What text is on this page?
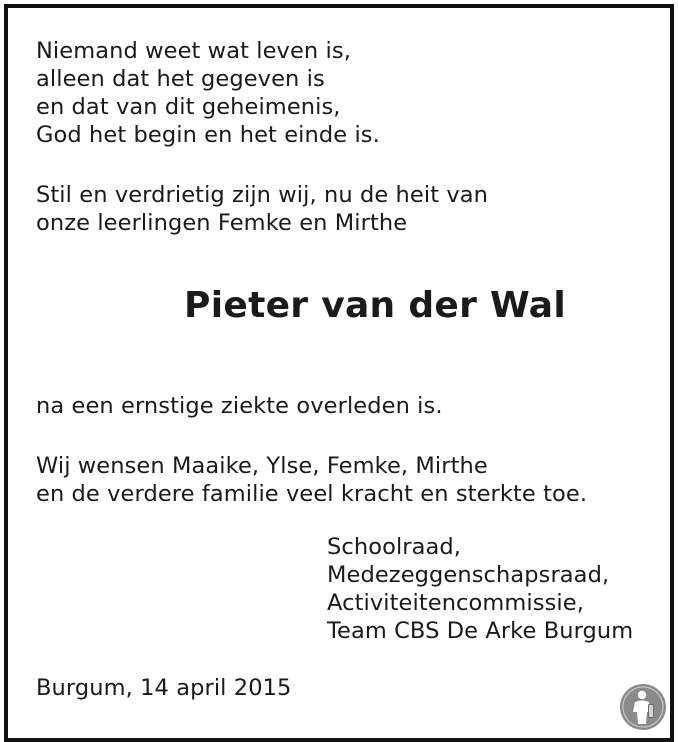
Niemand weet wat leven is,
alleen dat het gegeven is
en dat van dit geheimenis,
God het begin en het einde is.
Stil en verdrietig zijn wij, nu de heit van
onze leerlingen Femke en Mirthe
Pieter van der Wal
na een ernstige ziekte overleden is.
Wij wensen Maaike, Ylse, Femke, Mirthe
en de verdere familie veel kracht en sterkte toe.
Schoolraad,
Medezeggenschapsraad,
Activiteitencommissie,
Team CBS De Arke Burgum
Burgum, 14 april 2015
